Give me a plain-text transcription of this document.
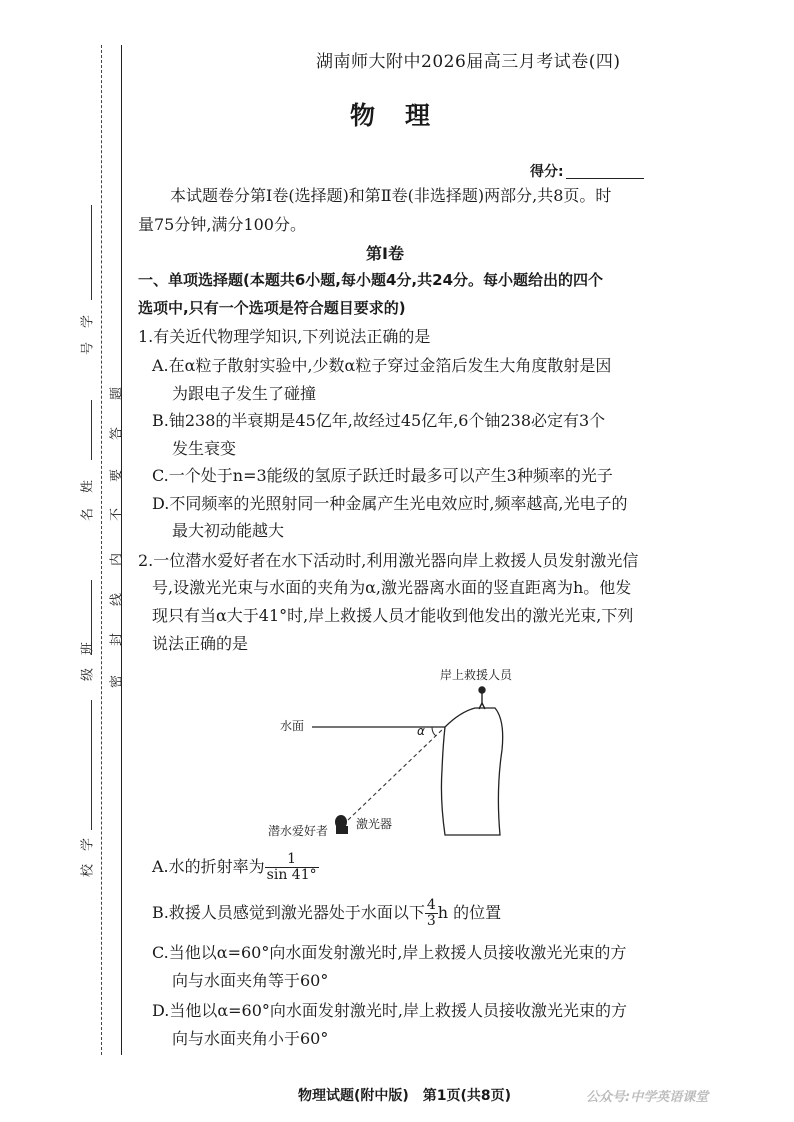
学
号
姓
名
班
级
学
校
密
封
线
内
不
要
答
题
湖南师大附中2026届高三月考试卷(四)
物理
得分:
本试题卷分第Ⅰ卷(选择题)和第Ⅱ卷(非选择题)两部分,共8页。时
量75分钟,满分100分。
第Ⅰ卷
一、单项选择题(本题共6小题,每小题4分,共24分。每小题给出的四个
选项中,只有一个选项是符合题目要求的)
1.有关近代物理学知识,下列说法正确的是
A.在α粒子散射实验中,少数α粒子穿过金箔后发生大角度散射是因
为跟电子发生了碰撞
B.铀238的半衰期是45亿年,故经过45亿年,6个铀238必定有3个
发生衰变
C.一个处于n=3能级的氢原子跃迁时最多可以产生3种频率的光子
D.不同频率的光照射同一种金属产生光电效应时,频率越高,光电子的
最大初动能越大
2.一位潜水爱好者在水下活动时,利用激光器向岸上救援人员发射激光信
号,设激光光束与水面的夹角为α,激光器离水面的竖直距离为h。他发
现只有当α大于41°时,岸上救援人员才能收到他发出的激光光束,下列
说法正确的是
岸上救援人员
水面	α
潜水爱好者 激光器
A.水的折射率为 $\frac{1}{\sin 41^\circ}$
B.救援人员感觉到激光器处于水面以下 $\frac{4}{3}$ h 的位置
C.当他以α=60°向水面发射激光时,岸上救援人员接收激光光束的方
向与水面夹角等于60°
D.当他以α=60°向水面发射激光时,岸上救援人员接收激光光束的方
向与水面夹角小于60°
物理试题(附中版)　第1页(共8页)	公众号:中学英语课堂
